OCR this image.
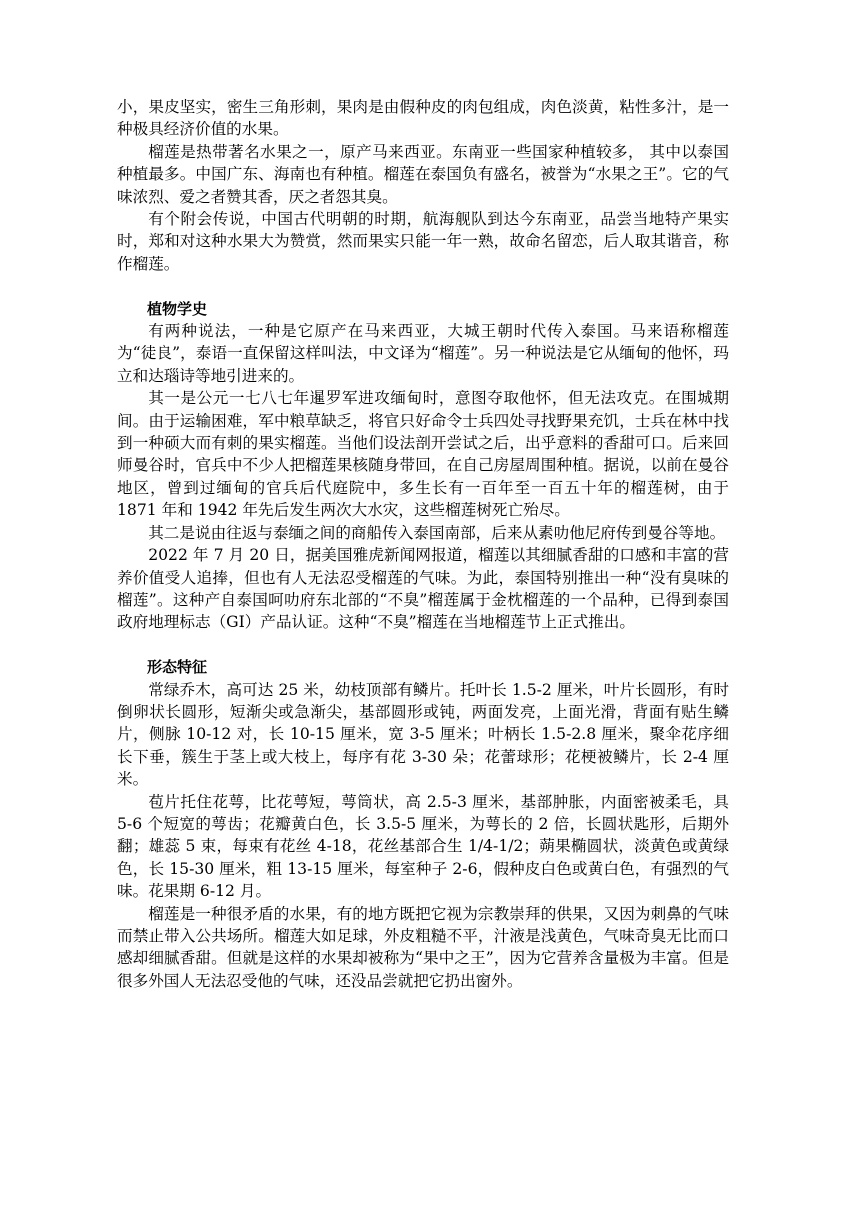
小，果皮坚实，密生三角形刺，果肉是由假种皮的肉包组成，肉色淡黄，粘性多汁，是一种极具经济价值的水果。

榴莲是热带著名水果之一，原产马来西亚。东南亚一些国家种植较多， 其中以泰国种植最多。中国广东、海南也有种植。榴莲在泰国负有盛名，被誉为“水果之王”。它的气味浓烈、爱之者赞其香，厌之者怨其臭。

有个附会传说，中国古代明朝的时期，航海舰队到达今东南亚，品尝当地特产果实时，郑和对这种水果大为赞赏，然而果实只能一年一熟，故命名留恋，后人取其谐音，称作榴莲。

植物学史

有两种说法，一种是它原产在马来西亚，大城王朝时代传入泰国。马来语称榴莲为“徒良”，泰语一直保留这样叫法，中文译为“榴莲”。另一种说法是它从缅甸的他怀，玛立和达瑙诗等地引进来的。

其一是公元一七八七年暹罗军进攻缅甸时，意图夺取他怀，但无法攻克。在围城期间。由于运输困难，军中粮草缺乏，将官只好命令士兵四处寻找野果充饥，士兵在林中找到一种硕大而有刺的果实榴莲。当他们设法剖开尝试之后，出乎意料的香甜可口。后来回师曼谷时，官兵中不少人把榴莲果核随身带回，在自己房屋周围种植。据说，以前在曼谷地区，曾到过缅甸的官兵后代庭院中，多生长有一百年至一百五十年的榴莲树，由于 1871 年和 1942 年先后发生两次大水灾，这些榴莲树死亡殆尽。

其二是说由往返与泰缅之间的商船传入泰国南部，后来从素叻他尼府传到曼谷等地。

2022 年 7 月 20 日，据美国雅虎新闻网报道，榴莲以其细腻香甜的口感和丰富的营养价值受人追捧，但也有人无法忍受榴莲的气味。为此，泰国特别推出一种“没有臭味的榴莲”。这种产自泰国呵叻府东北部的“不臭”榴莲属于金枕榴莲的一个品种，已得到泰国政府地理标志（GI）产品认证。这种“不臭”榴莲在当地榴莲节上正式推出。

形态特征

常绿乔木，高可达 25 米，幼枝顶部有鳞片。托叶长 1.5-2 厘米，叶片长圆形，有时倒卵状长圆形，短渐尖或急渐尖，基部圆形或钝，两面发亮，上面光滑，背面有贴生鳞片，侧脉 10-12 对，长 10-15 厘米，宽 3-5 厘米；叶柄长 1.5-2.8 厘米，聚伞花序细长下垂，簇生于茎上或大枝上，每序有花 3-30 朵；花蕾球形；花梗被鳞片，长 2-4 厘米。

苞片托住花萼，比花萼短，萼筒状，高 2.5-3 厘米，基部肿胀，内面密被柔毛，具 5-6 个短宽的萼齿；花瓣黄白色，长 3.5-5 厘米，为萼长的 2 倍，长圆状匙形，后期外翻；雄蕊 5 束，每束有花丝 4-18，花丝基部合生 1/4-1/2；蒴果椭圆状，淡黄色或黄绿色，长 15-30 厘米，粗 13-15 厘米，每室种子 2-6，假种皮白色或黄白色，有强烈的气味。花果期 6-12 月。

榴莲是一种很矛盾的水果，有的地方既把它视为宗教崇拜的供果，又因为刺鼻的气味而禁止带入公共场所。榴莲大如足球，外皮粗糙不平，汁液是浅黄色，气味奇臭无比而口感却细腻香甜。但就是这样的水果却被称为“果中之王”，因为它营养含量极为丰富。但是很多外国人无法忍受他的气味，还没品尝就把它扔出窗外。
